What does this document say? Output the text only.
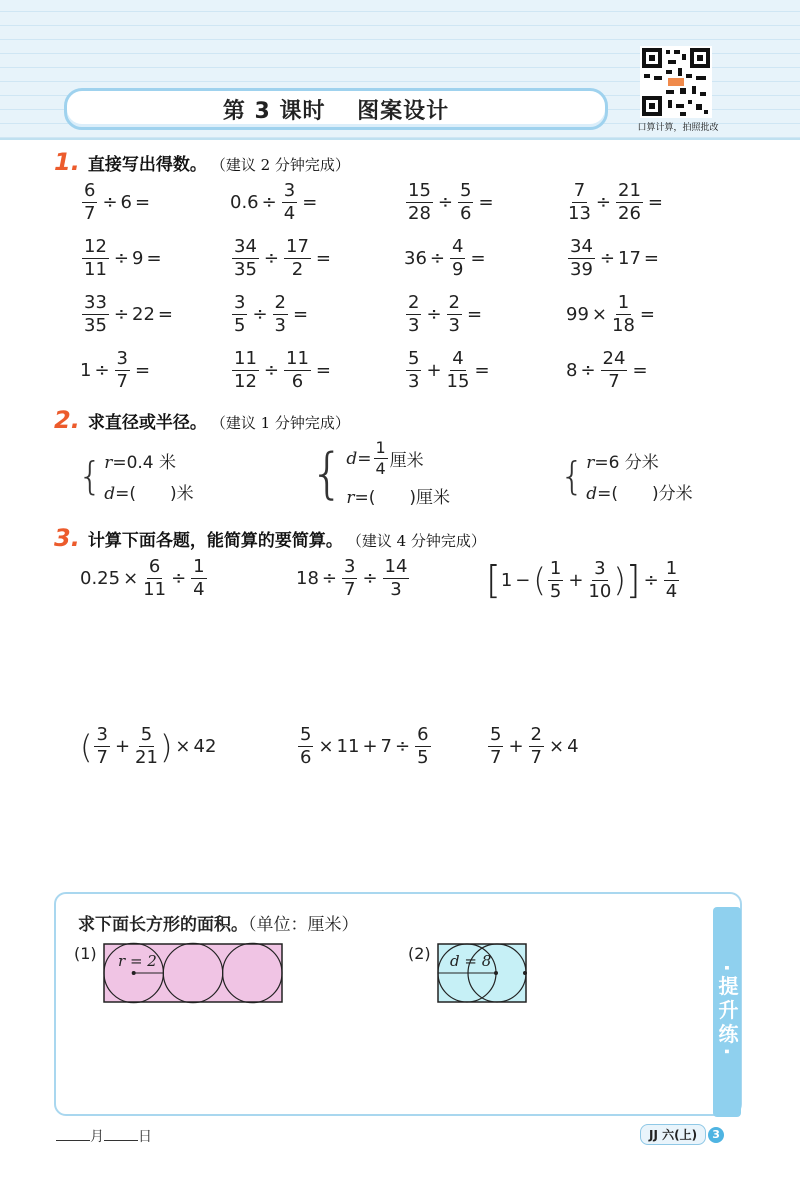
第 3 课时　 图案设计
口算计算，拍照批改
1. 直接写出得数。 （建议 2 分钟完成）
$\frac{6}{7} \div 6$ =	$0.6 \div \frac{3}{4}$ =	$\frac{15}{28} \div \frac{5}{6}$ =	$\frac{7}{13} \div \frac{21}{26}$ =
$\frac{12}{11} \div 9$ =	$\frac{34}{35} \div \frac{17}{2}$ =	$36 \div \frac{4}{9}$ =	$\frac{34}{39} \div 17$ =
$\frac{33}{35} \div 22$ =	$\frac{3}{5} \div \frac{2}{3}$ =	$\frac{2}{3} \div \frac{2}{3}$ =	$99 \times \frac{1}{18}$ =
$1 \div \frac{3}{7}$ =	$\frac{11}{12} \div \frac{11}{6}$ =	$\frac{5}{3} + \frac{4}{15}$ =	$8 \div \frac{24}{7}$ =
2. 求直径或半径。 （建议 1 分钟完成）
{ r=0.4 米
d=(　　)米 { $d = \frac{1}{4}$ 厘米
r=(　　)厘米	{ r=6 分米
d=(　　)分米
3. 计算下面各题，能简算的要简算。 （建议 4 分钟完成）
$0.25 \times \frac{6}{11} \div \frac{1}{4}$	$18 \div \frac{3}{7} \div \frac{14}{3}$ [ 1 − ( $\frac{1}{5} + \frac{3}{10}$ ) ] ÷ $\frac{1}{4}$
( $\frac{3}{7} + \frac{5}{21}$ ) × 42	$\frac{5}{6} \times 11 + 7 \div \frac{6}{5}$	$\frac{5}{7} + \frac{2}{7} \times 4$
·提升练·
求下面长方形的面积。（单位：厘米）
(1) r = 2	(2) d = 8
月 日	JJ 六(上)	3
